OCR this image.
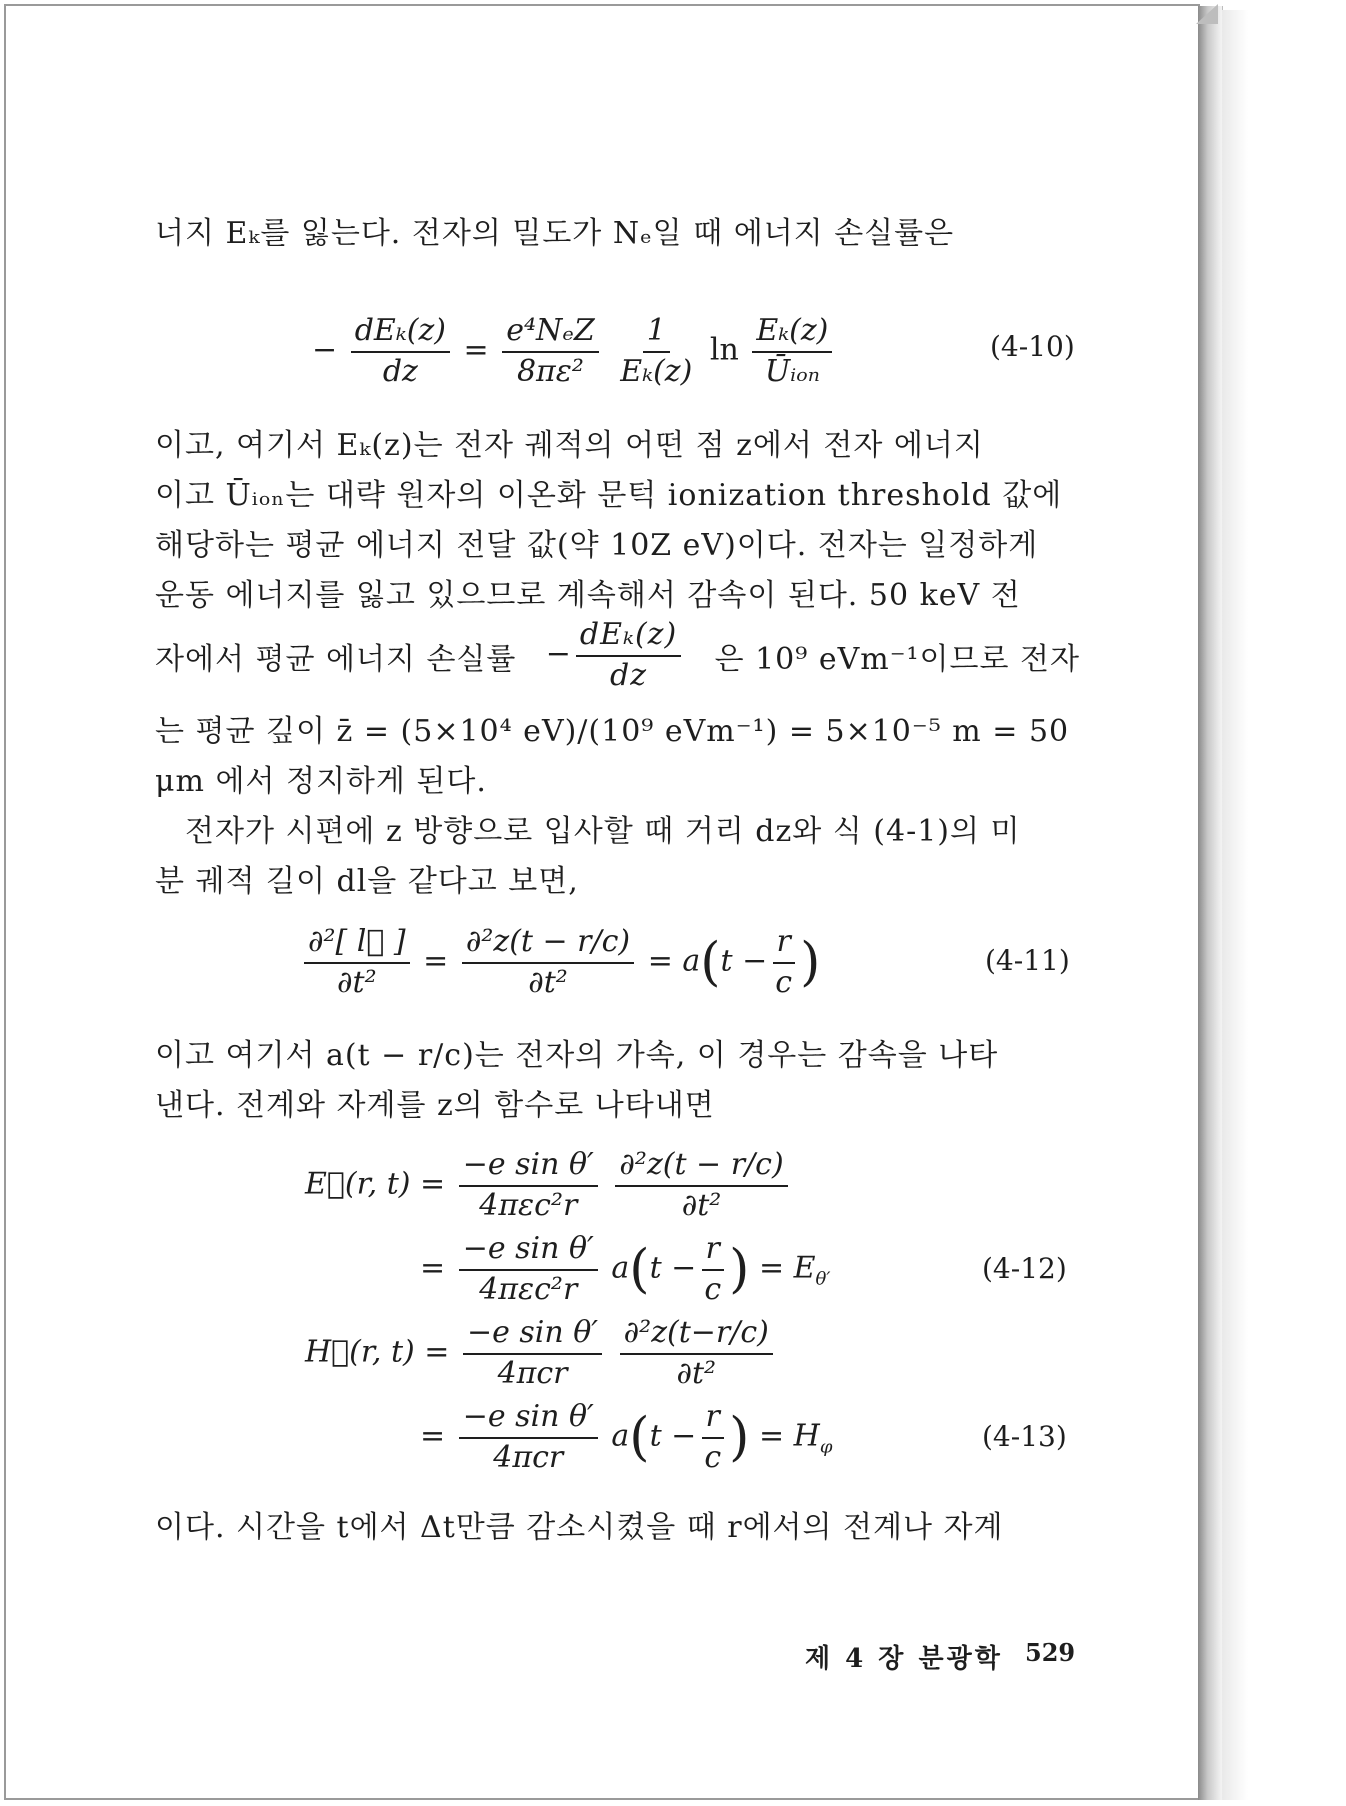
너지 Eₖ를 잃는다. 전자의 밀도가 Nₑ일 때 에너지 손실률은
− $\frac{\text{dEₖ(z)}}{dz} = \frac{\text{e⁴NₑZ}}{\text{8πε²}}$
$\frac{1}{\text{Eₖ(z)}}$ $\ln \frac{\text{Eₖ(z)}}{\text{Ūᵢₒₙ}}$	(4-10)
이고, 여기서 Eₖ(z)는 전자 궤적의 어떤 점 z에서 전자 에너지
이고 Ūᵢₒₙ는 대략 원자의 이온화 문턱 ionization threshold 값에
해당하는 평균 에너지 전달 값(약 10Z eV)이다. 전자는 일정하게
운동 에너지를 잃고 있으므로 계속해서 감속이 된다. 50 keV 전
자에서 평균 에너지 손실률 − $\frac{\text{dEₖ(z)}}{dz}$ 은 10⁹ eVm⁻¹이므로 전자
는 평균 깊이 z̄ = (5×10⁴ eV)/(10⁹ eVm⁻¹) = 5×10⁻⁵ m = 50
μm 에서 정지하게 된다.
전자가 시편에 z 방향으로 입사할 때 거리 dz와 식 (4-1)의 미
분 궤적 길이 dl을 같다고 보면,
$\frac{\text{∂²[ l⃗ ]}}{\text{∂t²}} = \frac{\text{∂²z(t − r/c)}}{\text{∂t²}} = a(t - \frac{r}{c}$ )	(4-11)
이고 여기서 a(t − r/c)는 전자의 가속, 이 경우는 감속을 나타
낸다. 전계와 자계를 z의 함수로 나타내면
E⃗(r, $t) = \frac{\text{−e sin θ′}}{\text{4πεc²r}}$
$\frac{\text{∂²z(t − r/c)}}{\text{∂t²}}$
= $\frac{\text{−e sin θ′}}{\text{4πεc²r}} a(t - \frac{r}{c}$ ) = $E_{\theta'}$	(4-12)
H⃗(r, $t) = \frac{\text{−e sin θ′}}{\text{4πcr}}$
$\frac{\text{∂²z(t−r/c)}}{\text{∂t²}}$
= $\frac{\text{−e sin θ′}}{\text{4πcr}} a(t - \frac{r}{c}$ ) = $H_\varphi$	(4-13)
이다. 시간을 t에서 Δt만큼 감소시켰을 때 r에서의 전계나 자계
제 4 장 분광학 529
